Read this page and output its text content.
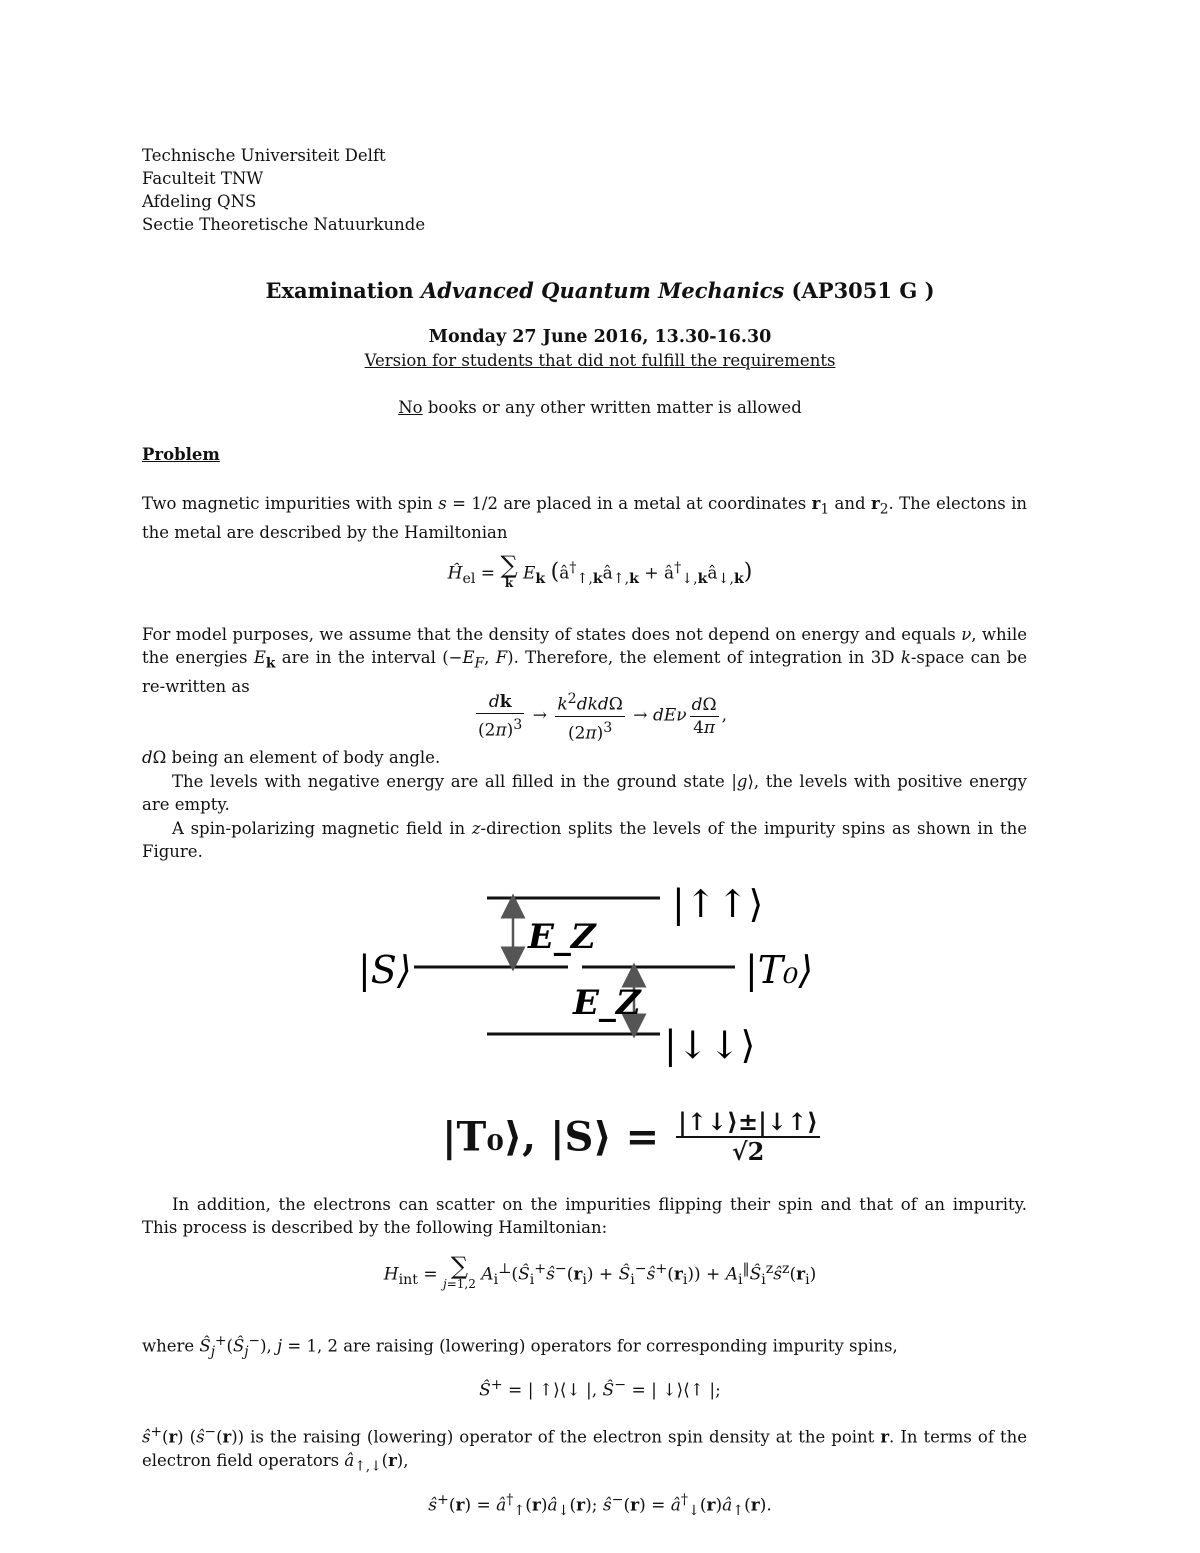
Technische Universiteit Delft
Faculteit TNW
Afdeling QNS
Sectie Theoretische Natuurkunde
Examination Advanced Quantum Mechanics (AP3051 G )
Monday 27 June 2016, 13.30-16.30
Version for students that did not fulfill the requirements
No books or any other written matter is allowed
Problem
Two magnetic impurities with spin s = 1/2 are placed in a metal at coordinates $r_1$ and $r_2$. The electons in the metal are described by the Hamiltonian
$Ĥ_{el}$ = ∑
k $E_k$ ($â^\dagger_{↑,k}â_{↑,k}$ + $â^\dagger_{↓,k}â_{↓,k}$)
For model purposes, we assume that the density of states does not depend on energy and equals ν, while the energies $E_k$ are in the interval ($-E_F$, F). Therefore, the element of integration in 3D k-space can be re-written as
$\frac{dk}{(2\pi)^3} \to \frac{k^2dkd\Omega}{(2\pi)^3} \to dE\nu \frac{d\Omega}{4\pi}$ ,
dΩ being an element of body angle.
The levels with negative energy are all filled in the ground state |g⟩, the levels with positive energy are empty.
A spin-polarizing magnetic field in z-direction splits the levels of the impurity spins as shown in the Figure.
|↑↑⟩
|S⟩	|T₀⟩
|↓↓⟩
E_Z
E_Z
|T₀⟩, |S⟩ = $\frac{|↑↓⟩\pm|↓↑⟩}{√2}$
In addition, the electrons can scatter on the impurities flipping their spin and that of an impurity. This process is described by the following Hamiltonian:
$H_{int}$ = ∑
j=1,2 $A_i^\perp(Ŝ_i^+ŝ^-(r_i)$ + $Ŝ_i^-ŝ^+(r_i)$) + $A_i^‖Ŝ_i^zŝ^z(r_i)$
where $Ŝ_j^+(Ŝ_j^-)$, j = 1, 2 are raising (lowering) operators for corresponding impurity spins,
Ŝ+ = | ↑⟩⟨↓ |, Ŝ− = | ↓⟩⟨↑ |;
ŝ+(r) (ŝ−(r)) is the raising (lowering) operator of the electron spin density at the point r. In terms of the electron field operators $â_{↑,↓}(r)$,
ŝ+(r) = $â^\dagger_↑(r)â_↓(r)$; ŝ−(r) = $â^\dagger_↓(r)â_↑(r)$.
